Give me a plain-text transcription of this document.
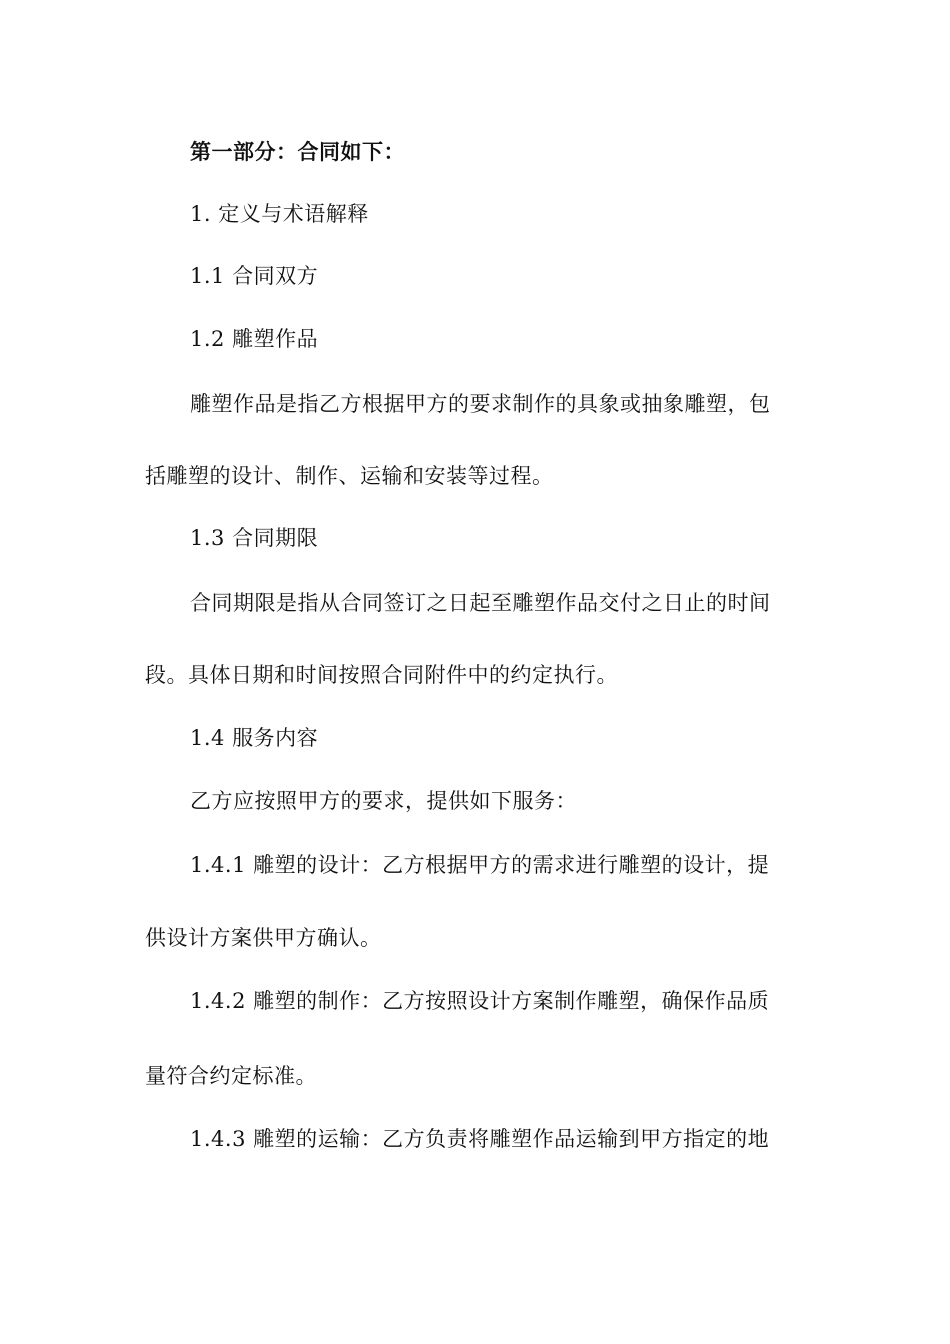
第一部分：合同如下：
1. 定义与术语解释
1.1 合同双方
1.2 雕塑作品
雕塑作品是指乙方根据甲方的要求制作的具象或抽象雕塑，包
括雕塑的设计、制作、运输和安装等过程。
1.3 合同期限
合同期限是指从合同签订之日起至雕塑作品交付之日止的时间
段。具体日期和时间按照合同附件中的约定执行。
1.4 服务内容
乙方应按照甲方的要求，提供如下服务：
1.4.1 雕塑的设计：乙方根据甲方的需求进行雕塑的设计，提
供设计方案供甲方确认。
1.4.2 雕塑的制作：乙方按照设计方案制作雕塑，确保作品质
量符合约定标准。
1.4.3 雕塑的运输：乙方负责将雕塑作品运输到甲方指定的地
